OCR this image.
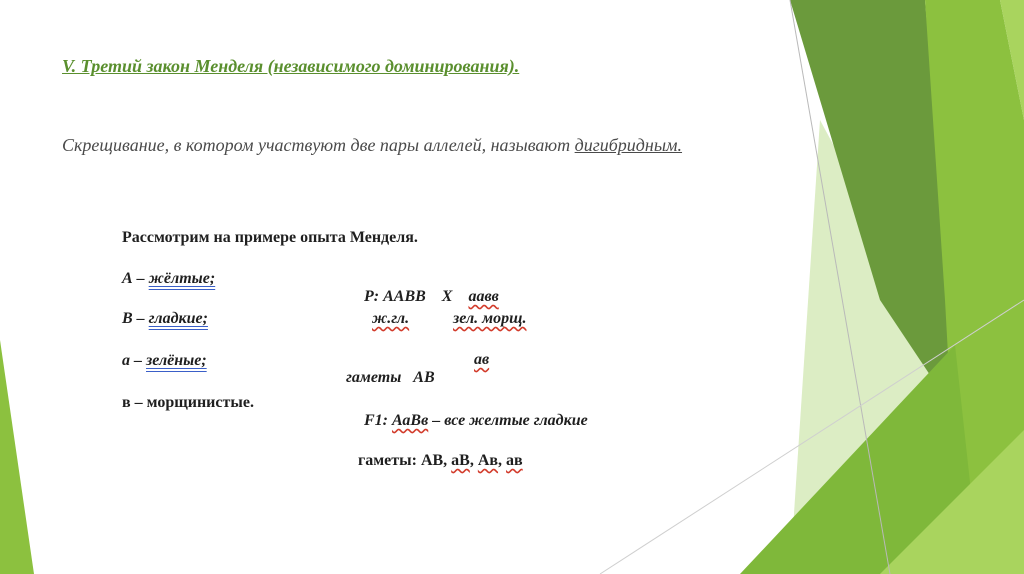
V. Третий закон Менделя (независимого доминирования).
Скрещивание, в котором участвуют две пары аллелей, называют дигибридным.
Рассмотрим на примере опыта Менделя.
А – жёлтые;
В – гладкие;
а – зелёные;
в – морщинистые.

P: ААВВ    Х    аавв

ж.гл.	зел. морщ.

гаметы   АВ

ав

F1: АаВв – все желтые гладкие

гаметы: АВ, аВ, Ав, ав
